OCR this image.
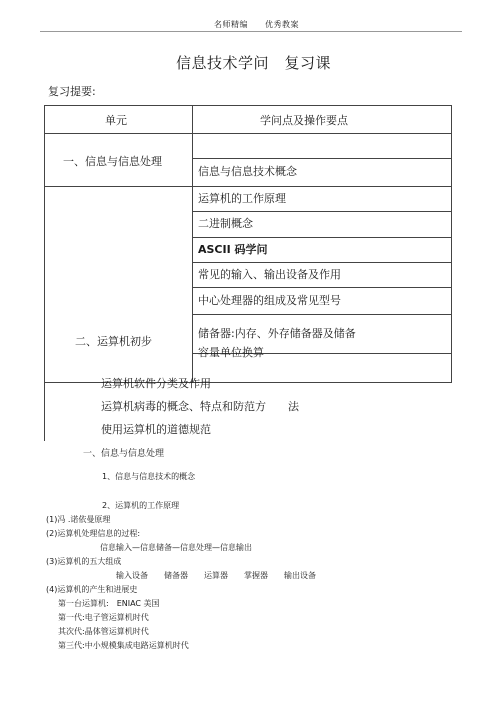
名师精编　　优秀教案
信息技术学问　复习课
复习提要:
单元	学问点及操作要点
一、信息与信息处理
信息与信息技术概念
二、运算机初步
运算机的工作原理
二进制概念
ASCII 码学问
常见的输入、输出设备及作用
中心处理器的组成及常见型号
储备器:内存、外存储备器及储备
容量单位换算
运算机软件分类及作用
运算机病毒的概念、特点和防范方　　法
使用运算机的道德规范
一、信息与信息处理
1、信息与信息技术的概念
2、运算机的工作原理
(1)冯 .诺依曼原理
(2)运算机处理信息的过程:
信息输入—信息储备—信息处理—信息输出
(3)运算机的五大组成
输入设备　　储备器　　运算器　　掌握器　　输出设备
(4)运算机的产生和进展史
第一台运算机:　ENIAC 美国
第一代:电子管运算机时代
其次代:晶体管运算机时代
第三代:中小规模集成电路运算机时代
